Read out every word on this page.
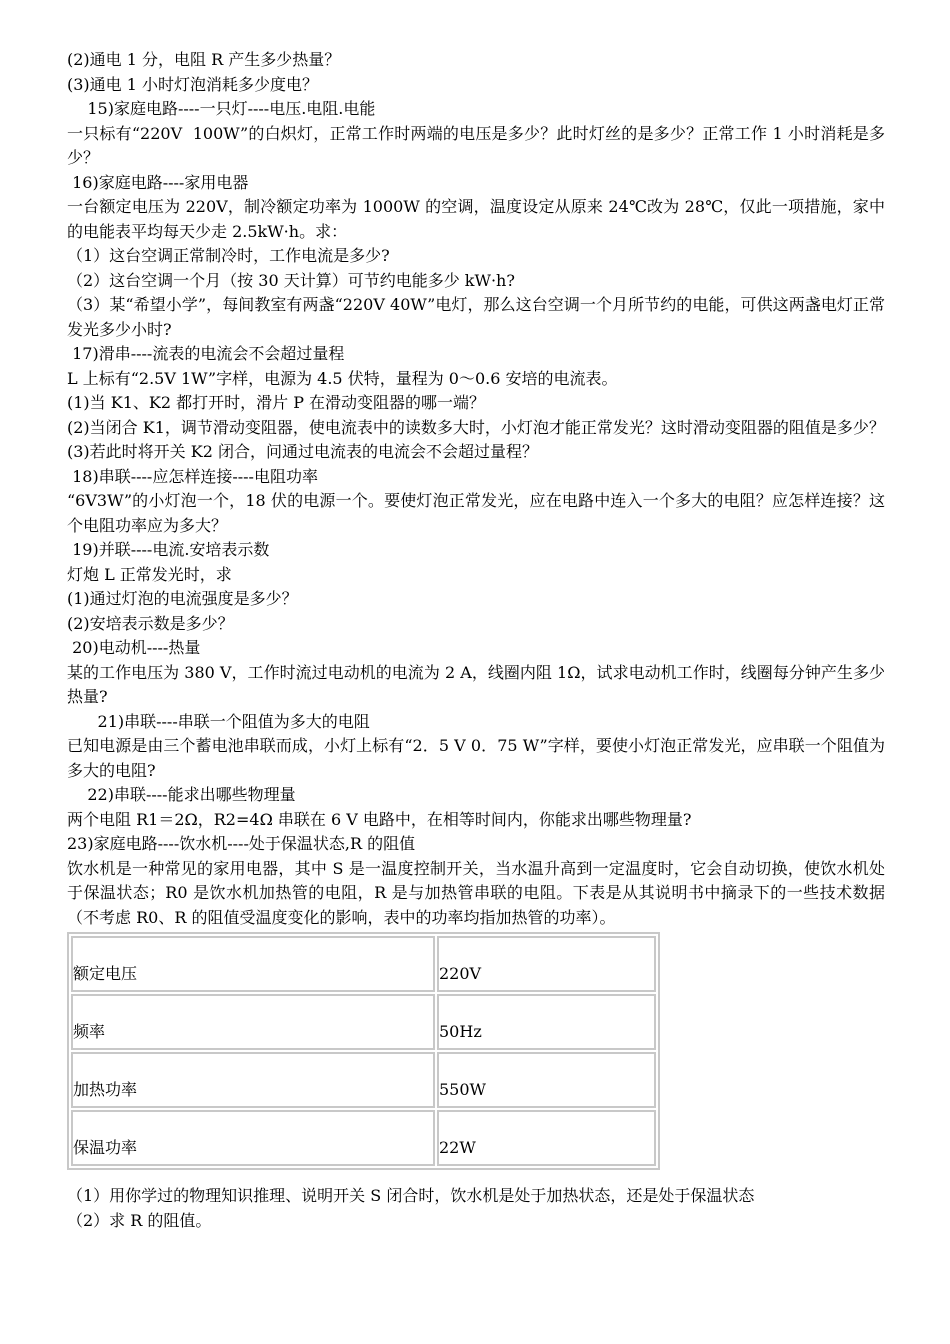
(2)通电 1 分，电阻 R 产生多少热量？

(3)通电 1 小时灯泡消耗多少度电？

15)家庭电路----一只灯----电压.电阻.电能

一只标有“220V  100W”的白炽灯，正常工作时两端的电压是多少？此时灯丝的是多少？正常工作 1 小时消耗是多少？

16)家庭电路----家用电器

一台额定电压为 220V，制冷额定功率为 1000W 的空调，温度设定从原来 24℃改为 28℃，仅此一项措施，家中的电能表平均每天少走 2.5kW·h。求：

（1）这台空调正常制冷时，工作电流是多少?

（2）这台空调一个月（按 30 天计算）可节约电能多少 kW·h?

（3）某“希望小学”，每间教室有两盏“220V 40W”电灯，那么这台空调一个月所节约的电能，可供这两盏电灯正常发光多少小时?

17)滑串----流表的电流会不会超过量程

L 上标有“2.5V 1W”字样，电源为 4.5 伏特，量程为 0～0.6 安培的电流表。

(1)当 K1、K2 都打开时，滑片 P 在滑动变阻器的哪一端？

(2)当闭合 K1，调节滑动变阻器，使电流表中的读数多大时，小灯泡才能正常发光？这时滑动变阻器的阻值是多少？

(3)若此时将开关 K2 闭合，问通过电流表的电流会不会超过量程？

18)串联----应怎样连接----电阻功率

“6V3W”的小灯泡一个，18 伏的电源一个。要使灯泡正常发光，应在电路中连入一个多大的电阻？应怎样连接？这个电阻功率应为多大？

19)并联----电流.安培表示数

灯炮 L 正常发光时，求

(1)通过灯泡的电流强度是多少？

(2)安培表示数是多少？

20)电动机----热量

某的工作电压为 380 V，工作时流过电动机的电流为 2 A，线圈内阻 1Ω，试求电动机工作时，线圈每分钟产生多少热量?

21)串联----串联一个阻值为多大的电阻

已知电源是由三个蓄电池串联而成，小灯上标有“2．5 V 0．75 W”字样，要使小灯泡正常发光，应串联一个阻值为多大的电阻?

22)串联----能求出哪些物理量

两个电阻 R1＝2Ω，R2=4Ω 串联在 6 V 电路中，在相等时间内，你能求出哪些物理量?

23)家庭电路----饮水机----处于保温状态,R 的阻值

饮水机是一种常见的家用电器，其中 S 是一温度控制开关，当水温升高到一定温度时，它会自动切换，使饮水机处于保温状态；R0 是饮水机加热管的电阻，R 是与加热管串联的电阻。下表是从其说明书中摘录下的一些技术数据（不考虑 R0、R 的阻值受温度变化的影响，表中的功率均指加热管的功率）。

额定电压	220V
频率	50Hz
加热功率	550W
保温功率	22W

（1）用你学过的物理知识推理、说明开关 S 闭合时，饮水机是处于加热状态，还是处于保温状态

（2）求 R 的阻值。
